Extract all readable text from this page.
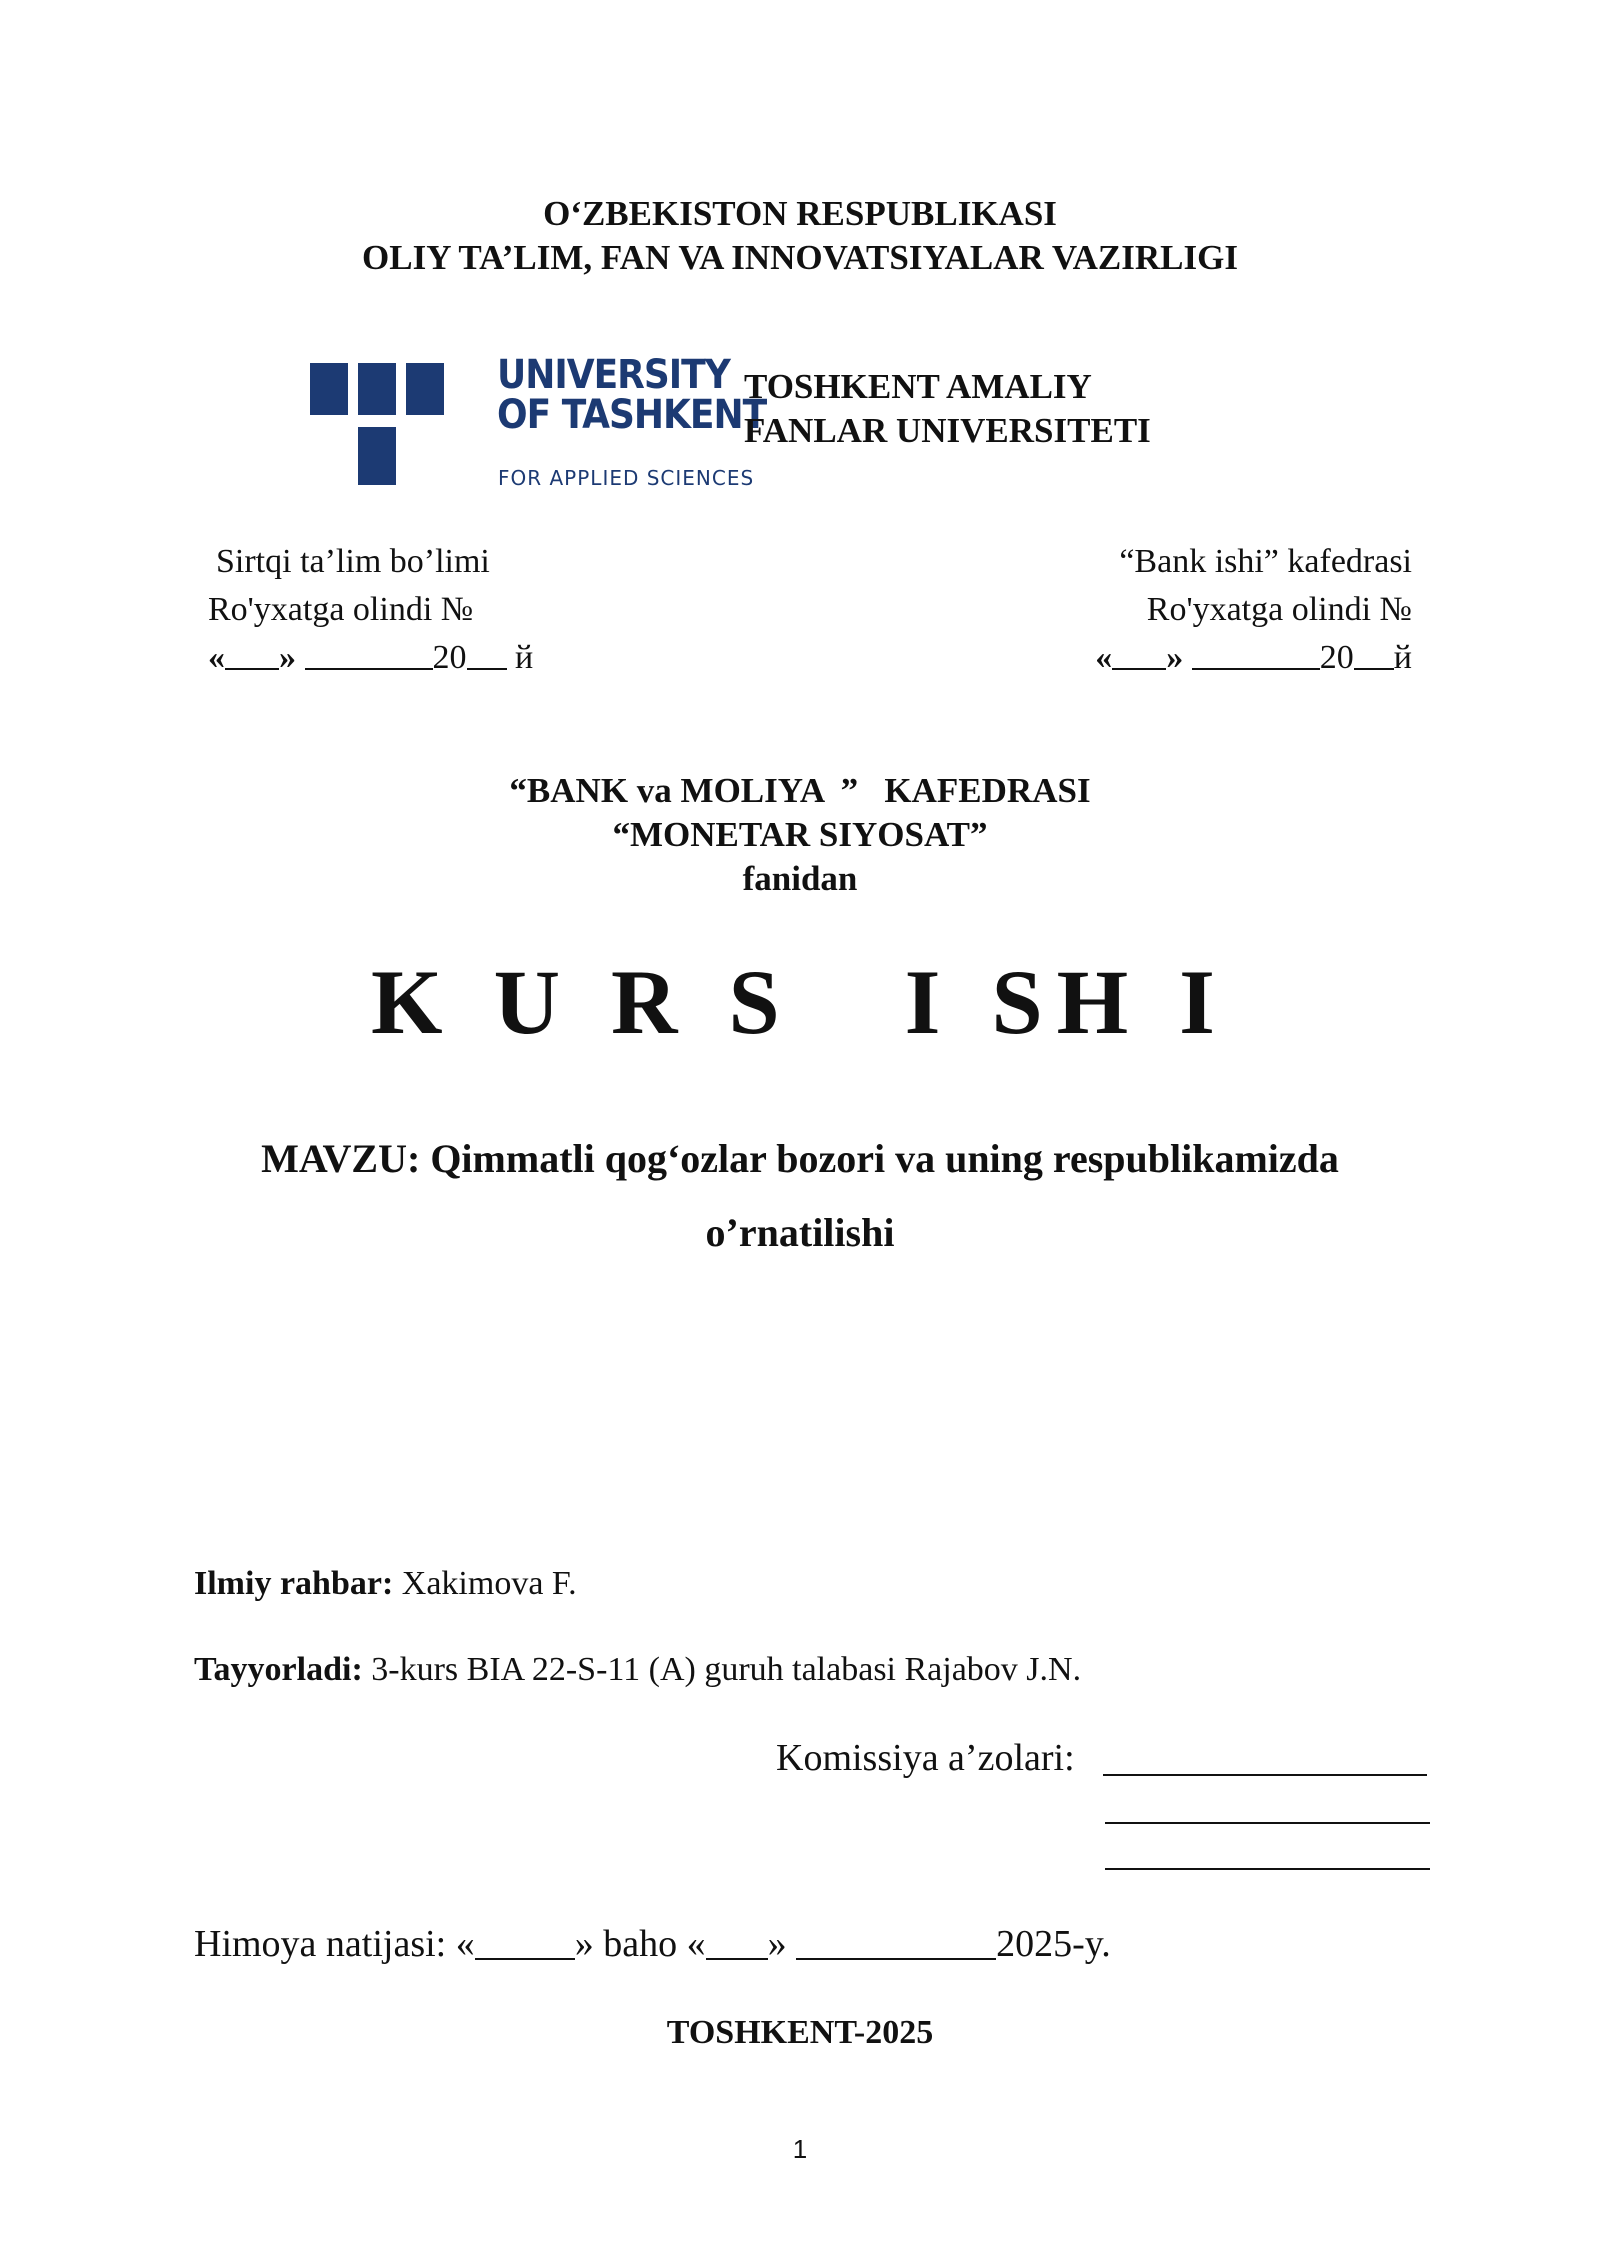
O‘ZBEKISTON RESPUBLIKASI
OLIY TA’LIM, FAN VA INNOVATSIYALAR VAZIRLIGI
UNIVERSITY
OF TASHKENT
FOR APPLIED SCIENCES
TOSHKENT AMALIY
FANLAR UNIVERSITETI
Sirtqi ta’lim bo’limi
Ro'yxatga olindi №
« »	20 й
“Bank ishi” kafedrasi
Ro'yxatga olindi №
« »	20 й
“BANK va MOLIYA  ”   KAFEDRASI
“MONETAR SIYOSAT”
fanidan
K U R S   I SH I
MAVZU: Qimmatli qog‘ozlar bozori va uning respublikamizda
o’rnatilishi
Ilmiy rahbar: Xakimova F.
Tayyorladi: 3-kurs BIA 22-S-11 (A) guruh talabasi Rajabov J.N.
Komissiya a’zolari:
Himoya natijasi: «	» baho « »	2025-y.
TOSHKENT-2025
1
